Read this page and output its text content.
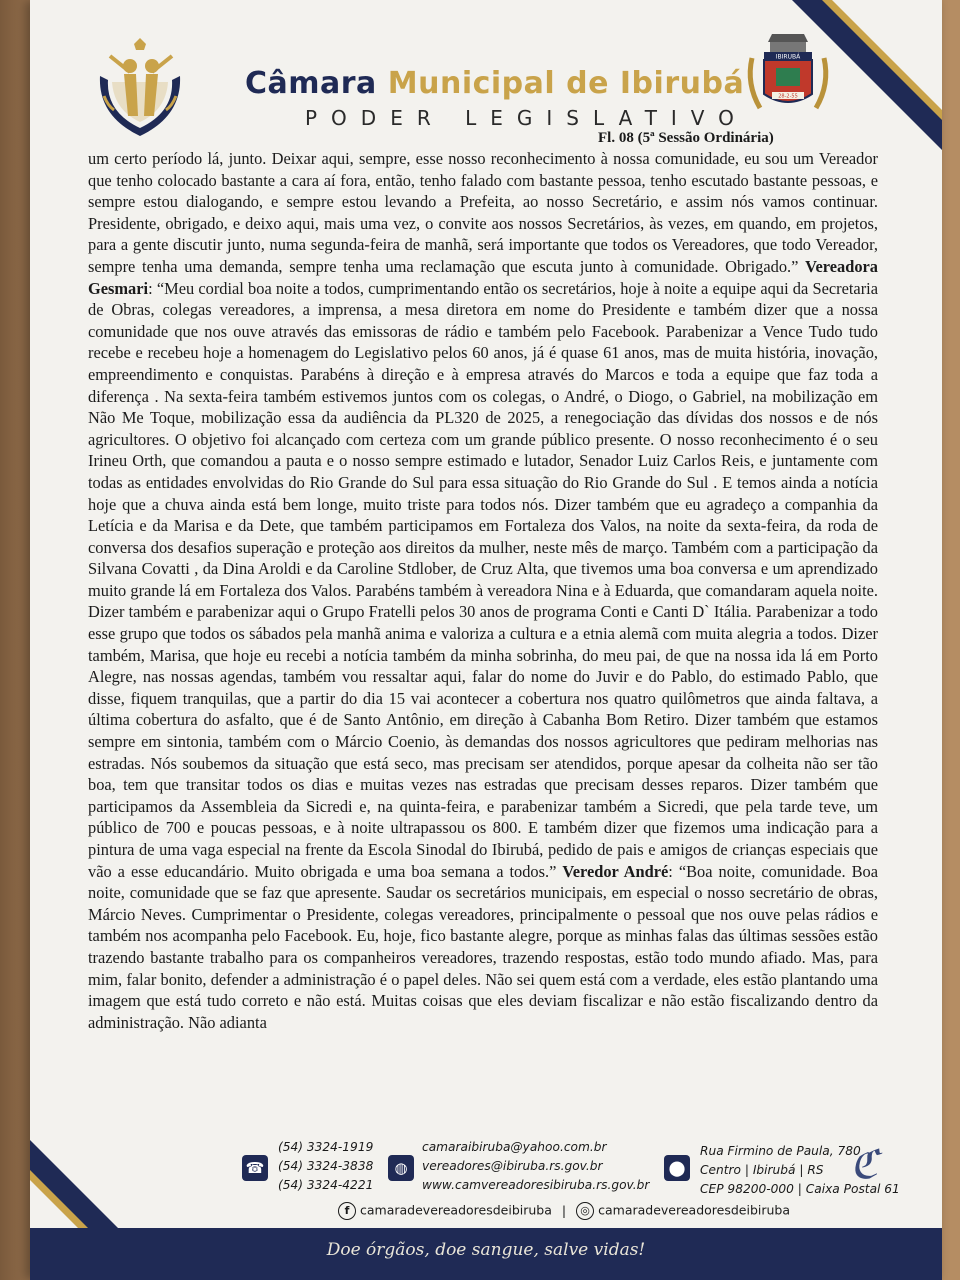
Câmara Municipal de Ibirubá
PODER LEGISLATIVO
IBIRUBÁ
28-2-55
Fl. 08 (5ª Sessão Ordinária)

um certo período lá, junto. Deixar aqui, sempre, esse nosso reconhecimento à nossa comunidade, eu sou um Vereador que tenho colocado bastante a cara aí fora, então, tenho falado com bastante pessoa, tenho escutado bastante pessoas, e sempre estou dialogando, e sempre estou levando a Prefeita, ao nosso Secretário, e assim nós vamos continuar. Presidente, obrigado, e deixo aqui, mais uma vez, o convite aos nossos Secretários, às vezes, em quando, em projetos, para a gente discutir junto, numa segunda-feira de manhã, será importante que todos os Vereadores, que todo Vereador, sempre tenha uma demanda, sempre tenha uma reclamação que escuta junto à comunidade. Obrigado.” Vereadora Gesmari: “Meu cordial boa noite a todos, cumprimentando então os secretários, hoje à noite a equipe aqui da Secretaria de Obras, colegas vereadores, a imprensa, a mesa diretora em nome do Presidente e também dizer que a nossa comunidade que nos ouve através das emissoras de rádio e também pelo Facebook. Parabenizar a Vence Tudo tudo recebe e recebeu hoje a homenagem do Legislativo pelos 60 anos, já é quase 61 anos, mas de muita história, inovação, empreendimento e conquistas. Parabéns à direção e à empresa através do Marcos e toda a equipe que faz toda a diferença . Na sexta-feira também estivemos juntos com os colegas, o André, o Diogo, o Gabriel, na mobilização em Não Me Toque, mobilização essa da audiência da PL320 de 2025, a renegociação das dívidas dos nossos e de nós agricultores. O objetivo foi alcançado com certeza com um grande público presente. O nosso reconhecimento é o seu Irineu Orth, que comandou a pauta e o nosso sempre estimado e lutador, Senador Luiz Carlos Reis, e juntamente com todas as entidades envolvidas do Rio Grande do Sul para essa situação do Rio Grande do Sul . E temos ainda a notícia hoje que a chuva ainda está bem longe, muito triste para todos nós. Dizer também que eu agradeço a companhia da Letícia e da Marisa e da Dete, que também participamos em Fortaleza dos Valos, na noite da sexta-feira, da roda de conversa dos desafios superação e proteção aos direitos da mulher, neste mês de março. Também com a participação da Silvana Covatti , da Dina Aroldi e da Caroline Stdlober, de Cruz Alta, que tivemos uma boa conversa e um aprendizado muito grande lá em Fortaleza dos Valos. Parabéns também à vereadora Nina e à Eduarda, que comandaram aquela noite. Dizer também e parabenizar aqui o Grupo Fratelli pelos 30 anos de programa Conti e Canti D` Itália. Parabenizar a todo esse grupo que todos os sábados pela manhã anima e valoriza a cultura e a etnia alemã com muita alegria a todos. Dizer também, Marisa, que hoje eu recebi a notícia também da minha sobrinha, do meu pai, de que na nossa ida lá em Porto Alegre, nas nossas agendas, também vou ressaltar aqui, falar do nome do Juvir e do Pablo, do estimado Pablo, que disse, fiquem tranquilas, que a partir do dia 15 vai acontecer a cobertura nos quatro quilômetros que ainda faltava, a última cobertura do asfalto, que é de Santo Antônio, em direção à Cabanha Bom Retiro. Dizer também que estamos sempre em sintonia, também com o Márcio Coenio, às demandas dos nossos agricultores que pediram melhorias nas estradas. Nós soubemos da situação que está seco, mas precisam ser atendidos, porque apesar da colheita não ser tão boa, tem que transitar todos os dias e muitas vezes nas estradas que precisam desses reparos. Dizer também que participamos da Assembleia da Sicredi e, na quinta-feira, e parabenizar também a Sicredi, que pela tarde teve, um público de 700 e poucas pessoas, e à noite ultrapassou os 800. E também dizer que fizemos uma indicação para a pintura de uma vaga especial na frente da Escola Sinodal do Ibirubá, pedido de pais e amigos de crianças especiais que vão a esse educandário. Muito obrigada e uma boa semana a todos.” Veredor André: “Boa noite, comunidade. Boa noite, comunidade que se faz que apresente. Saudar os secretários municipais, em especial o nosso secretário de obras, Márcio Neves. Cumprimentar o Presidente, colegas vereadores, principalmente o pessoal que nos ouve pelas rádios e também nos acompanha pelo Facebook. Eu, hoje, fico bastante alegre, porque as minhas falas das últimas sessões estão trazendo bastante trabalho para os companheiros vereadores, trazendo respostas, estão todo mundo afiado. Mas, para mim, falar bonito, defender a administração é o papel deles. Não sei quem está com a verdade, eles estão plantando uma imagem que está tudo correto e não está. Muitas coisas que eles deviam fiscalizar e não estão fiscalizando dentro da administração. Não adianta

☎
(54) 3324-1919
(54) 3324-3838
(54) 3324-4221
◍
camaraibiruba@yahoo.com.br
vereadores@ibiruba.rs.gov.br
www.camvereadoresibiruba.rs.gov.br
⬤
Rua Firmino de Paula, 780
Centro | Ibirubá | RS
CEP 98200-000 | Caixa Postal 61
ℭ
f camaradevereadoresdeibiruba | ◎ camaradevereadoresdeibiruba
Doe órgãos, doe sangue, salve vidas!
